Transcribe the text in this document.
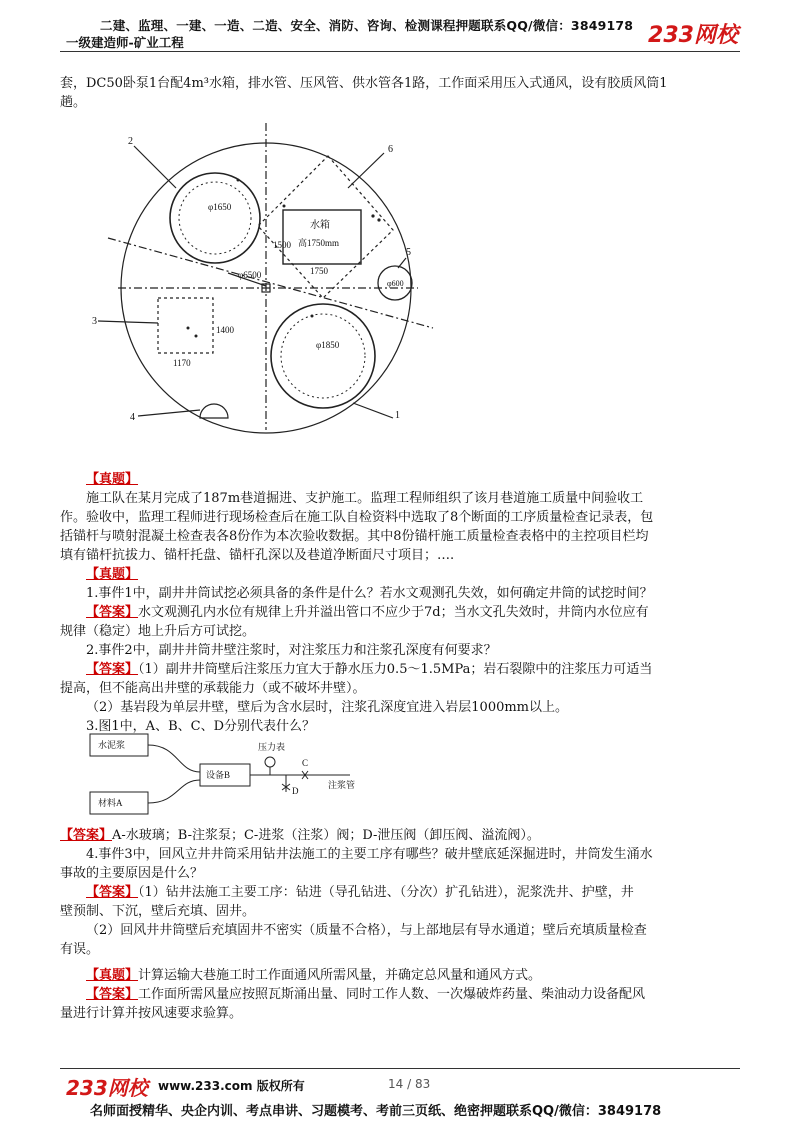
二建、监理、一建、一造、二造、安全、消防、咨询、检测课程押题联系QQ/微信：3849178
一级建造师-矿业工程	233网校

套，DC50卧泵1台配4m³水箱，排水管、压风管、供水管各1路，工作面采用压入式通风，设有胶质风筒1

趟。

2
6
3
4
5
1
φ1650
φ6500
φ1850
φ600
水箱
高1750mm
1750
1500
1170
1400

【真题】

施工队在某月完成了187m巷道掘进、支护施工。监理工程师组织了该月巷道施工质量中间验收工

作。验收中，监理工程师进行现场检查后在施工队自检资料中选取了8个断面的工序质量检查记录表，包

括锚杆与喷射混凝土检查表各8份作为本次验收数据。其中8份锚杆施工质量检查表格中的主控项目栏均

填有锚杆抗拔力、锚杆托盘、锚杆孔深以及巷道净断面尺寸项目；….

【真题】

1.事件1中，副井井筒试挖必须具备的条件是什么？若水文观测孔失效，如何确定井筒的试挖时间？

【答案】水文观测孔内水位有规律上升并溢出管口不应少于7d；当水文孔失效时，井筒内水位应有

规律（稳定）地上升后方可试挖。

2.事件2中，副井井筒井壁注浆时，对注浆压力和注浆孔深度有何要求？

【答案】（1）副井井筒壁后注浆压力宜大于静水压力0.5～1.5MPa；岩石裂隙中的注浆压力可适当

提高，但不能高出井壁的承载能力（或不破坏井壁）。

（2）基岩段为单层井壁，壁后为含水层时，注浆孔深度宜进入岩层1000mm以上。

3.图1中，A、B、C、D分别代表什么？

水泥浆
材料A
设备B
压力表
C
D
注浆管

【答案】A-水玻璃；B-注浆泵；C-进浆（注浆）阀；D-泄压阀（卸压阀、溢流阀）。

4.事件3中，回风立井井筒采用钻井法施工的主要工序有哪些？破井壁底延深掘进时，井筒发生涌水

事故的主要原因是什么？

【答案】（1）钻井法施工主要工序：钻进（导孔钻进、（分次）扩孔钻进），泥浆洗井、护壁，井

壁预制、下沉，壁后充填、固井。

（2）回风井井筒壁后充填固井不密实（质量不合格），与上部地层有导水通道；壁后充填质量检查

有误。

【真题】计算运输大巷施工时工作面通风所需风量，并确定总风量和通风方式。

【答案】工作面所需风量应按照瓦斯涌出量、同时工作人数、一次爆破炸药量、柴油动力设备配风

量进行计算并按风速要求验算。

233网校 www.233.com 版权所有	14 / 83
名师面授精华、央企内训、考点串讲、习题模考、考前三页纸、绝密押题联系QQ/微信：3849178
